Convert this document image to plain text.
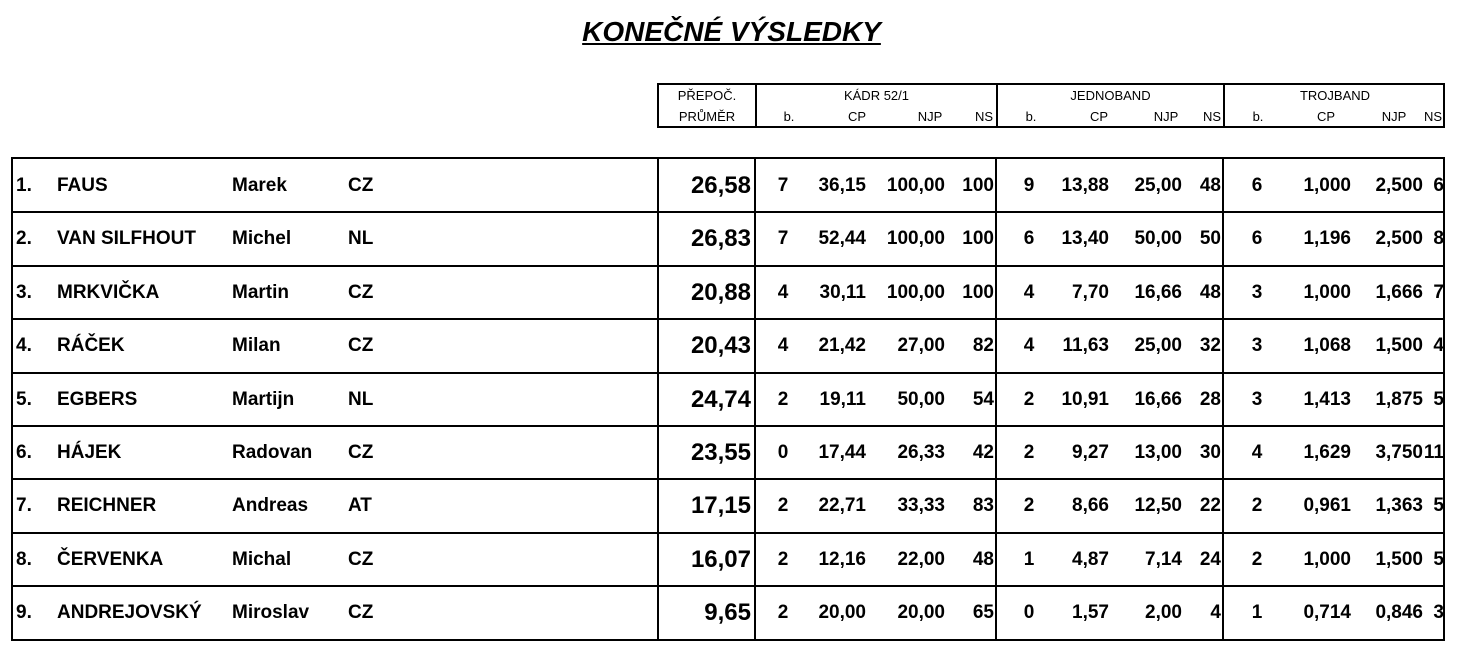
KONEČNÉ VÝSLEDKY
PŘEPOČ.
PRŮMĚR
KÁDR 52/1
b.	CP	NJP	NS
JEDNOBAND
b.	CP	NJP	NS
TROJBAND
b.	CP	NJP	NS
1.	FAUS	Marek	CZ	26,58	7	36,15	100,00 100	9	13,88	25,00 48	6	1,000	2,500 6
2.	VAN SILFHOUT	Michel	NL	26,83	7	52,44	100,00 100	6	13,40	50,00 50	6	1,196	2,500 8
3.	MRKVIČKA	Martin	CZ	20,88	4	30,11	100,00 100	4	7,70	16,66 48	3	1,000	1,666 7
4.	RÁČEK	Milan	CZ	20,43	4	21,42	27,00	82	4	11,63	25,00 32	3	1,068	1,500 4
5.	EGBERS	Martijn	NL	24,74	2	19,11	50,00	54	2	10,91	16,66 28	3	1,413	1,875 5
6.	HÁJEK	Radovan	CZ	23,55	0	17,44	26,33	42	2	9,27	13,00 30	4	1,629	3,750 11
7.	REICHNER	Andreas	AT	17,15	2	22,71	33,33	83	2	8,66	12,50 22	2	0,961	1,363 5
8.	ČERVENKA	Michal	CZ	16,07	2	12,16	22,00	48	1	4,87	7,14 24	2	1,000	1,500 5
9.	ANDREJOVSKÝ	Miroslav	CZ	9,65	2	20,00	20,00	65	0	1,57	2,00	4	1	0,714	0,846 3
